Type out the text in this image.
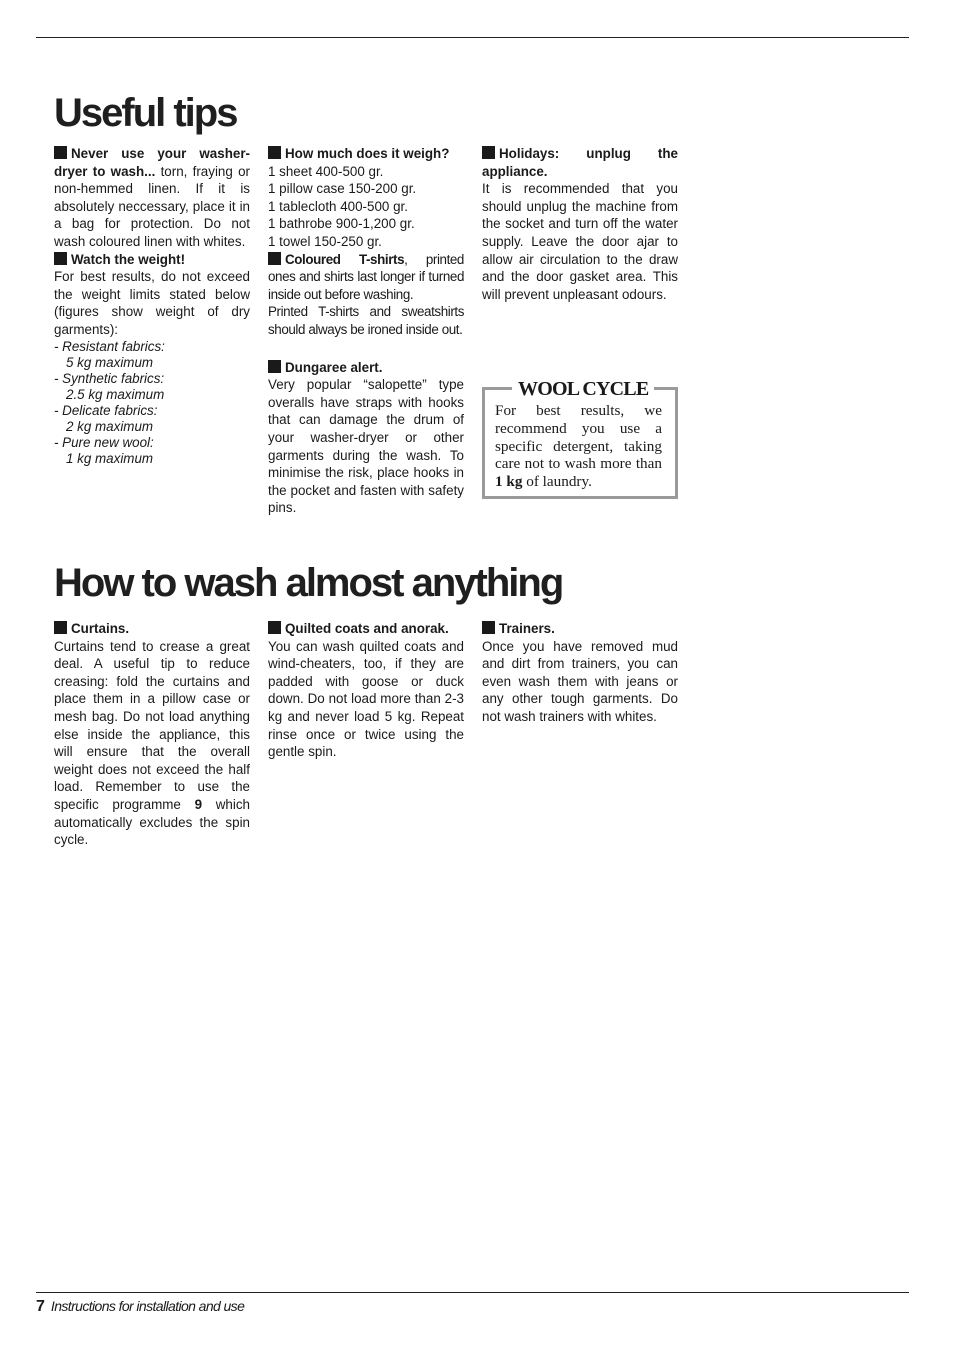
Useful tips

Never use your washer-dryer to wash... torn, fraying or non-hemmed linen. If it is absolutely neccessary, place it in a bag for protection. Do not wash coloured linen with whites.

Watch the weight!
For best results, do not exceed the weight limits stated below (figures show weight of dry garments):

- Resistant fabrics:
5 kg maximum
- Synthetic fabrics:
2.5 kg maximum
- Delicate fabrics:
2 kg maximum
- Pure new wool:
1 kg maximum

How much does it weigh?
1 sheet 400-500 gr.
1 pillow case 150-200 gr.
1 tablecloth 400-500 gr.
1 bathrobe 900-1,200 gr.
1 towel 150-250 gr.

Coloured T-shirts, printed ones and shirts last longer if turned inside out before washing.
Printed T-shirts and sweatshirts should always be ironed inside out.

Dungaree alert.
Very popular “salopette” type overalls have straps with hooks that can damage the drum of your washer-dryer or other garments during the wash. To minimise the risk, place hooks in the pocket and fasten with safety pins.

Holidays: unplug the appliance.
It is recommended that you should unplug the machine from the socket and turn off the water supply. Leave the door ajar to allow air circulation to the draw and the door gasket area. This will prevent unpleasant odours.

WOOL CYCLE
For best results, we recommend you use a specific detergent, taking care not to wash more than 1 kg of laundry.
How to wash almost anything

Curtains.
Curtains tend to crease a great deal. A useful tip to reduce creasing: fold the curtains and place them in a pillow case or mesh bag. Do not load anything else inside the appliance, this will ensure that the overall weight does not exceed the half load. Remember to use the specific programme 9 which automatically excludes the spin cycle.

Quilted coats and anorak.
You can wash quilted coats and wind-cheaters, too, if they are padded with goose or duck down. Do not load more than 2-3 kg and never load 5 kg. Repeat rinse once or twice using the gentle spin.

Trainers.
Once you have removed mud and dirt from trainers, you can even wash them with jeans or any other tough garments. Do not wash trainers with whites.

7 Instructions for installation and use
